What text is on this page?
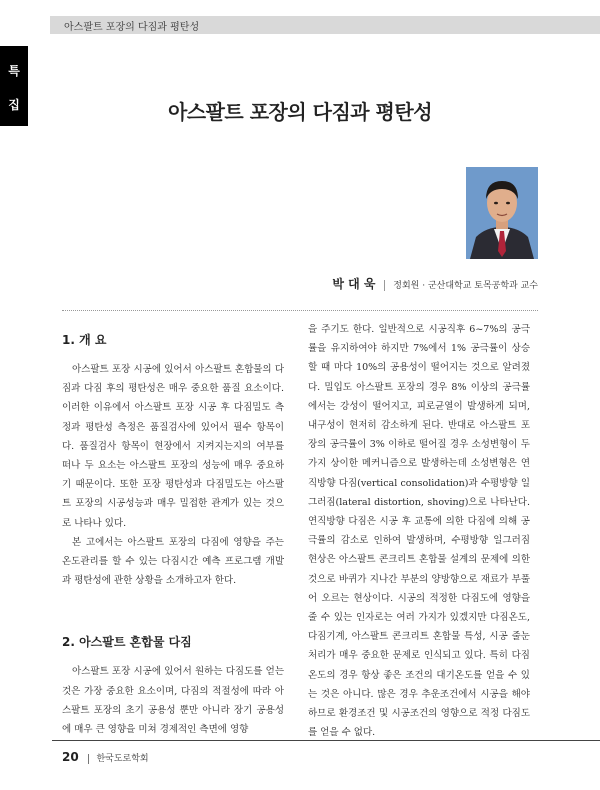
아스팔트 포장의 다짐과 평탄성
특
집	아스팔트 포장의 다짐과 평탄성
박 대 욱 정회원 · 군산대학교 토목공학과 교수
1. 개 요

아스팔트 포장 시공에 있어서 아스팔트 혼합물의 다짐과 다짐 후의 평탄성은 매우 중요한 품질 요소이다. 이러한 이유에서 아스팔트 포장 시공 후 다짐밀도 측정과 평탄성 측정은 품질검사에 있어서 필수 항목이다. 품질검사 항목이 현장에서 지켜지는지의 여부를 떠나 두 요소는 아스팔트 포장의 성능에 매우 중요하기 때문이다. 또한 포장 평탄성과 다짐밀도는 아스팔트 포장의 시공성능과 매우 밀접한 관계가 있는 것으로 나타나 있다.

본 고에서는 아스팔트 포장의 다짐에 영향을 주는 온도관리를 할 수 있는 다짐시간 예측 프로그램 개발과 평탄성에 관한 상황을 소개하고자 한다.

2. 아스팔트 혼합물 다짐

아스팔트 포장 시공에 있어서 원하는 다짐도를 얻는 것은 가장 중요한 요소이며, 다짐의 적절성에 따라 아스팔트 포장의 초기 공용성 뿐만 아니라 장기 공용성에 매우 큰 영향을 미쳐 경제적인 측면에 영향

을 주기도 한다. 일반적으로 시공직후 6~7%의 공극률을 유지하여야 하지만 7%에서 1% 공극률이 상승할 때 마다 10%의 공용성이 떨어지는 것으로 알려졌다. 밀입도 아스팔트 포장의 경우 8% 이상의 공극률에서는 강성이 떨어지고, 피로균열이 발생하게 되며, 내구성이 현저히 감소하게 된다. 반대로 아스팔트 포장의 공극률이 3% 이하로 떨어질 경우 소성변형이 두 가지 상이한 메커니즘으로 발생하는데 소성변형은 연직방향 다짐(vertical consolidation)과 수평방향 일그러짐(lateral distortion, shoving)으로 나타난다. 연직방향 다짐은 시공 후 교통에 의한 다짐에 의해 공극률의 감소로 인하여 발생하며, 수평방향 일그러짐 현상은 아스팔트 콘크리트 혼합물 설계의 문제에 의한 것으로 바퀴가 지나간 부분의 양방향으로 재료가 부풀어 오르는 현상이다. 시공의 적정한 다짐도에 영향을 줄 수 있는 인자로는 여러 가지가 있겠지만 다짐온도, 다짐기계, 아스팔트 콘크리트 혼합물 특성, 시공 줄눈 처리가 매우 중요한 문제로 인식되고 있다. 특히 다짐온도의 경우 항상 좋은 조건의 대기온도를 얻을 수 있는 것은 아니다. 많은 경우 추운조건에서 시공을 해야 하므로 환경조건 및 시공조건의 영향으로 적정 다짐도를 얻을 수 없다.

20 한국도로학회
